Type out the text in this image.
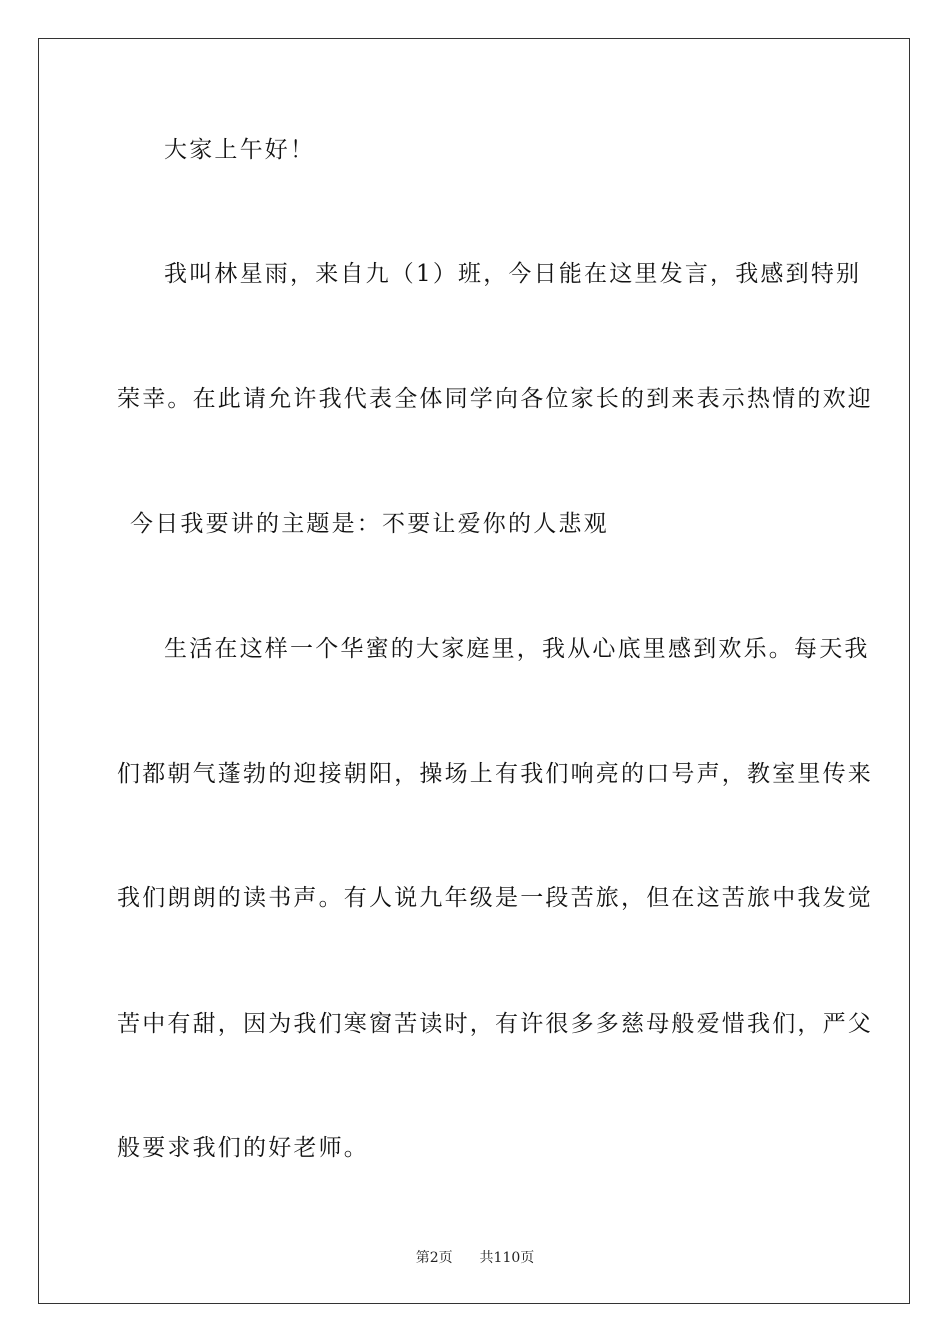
大家上午好！
我叫林星雨，来自九（1）班，今日能在这里发言，我感到特别
荣幸。在此请允许我代表全体同学向各位家长的到来表示热情的欢迎
今日我要讲的主题是：不要让爱你的人悲观
生活在这样一个华蜜的大家庭里，我从心底里感到欢乐。每天我
们都朝气蓬勃的迎接朝阳，操场上有我们响亮的口号声，教室里传来
我们朗朗的读书声。有人说九年级是一段苦旅，但在这苦旅中我发觉
苦中有甜，因为我们寒窗苦读时，有许很多多慈母般爱惜我们，严父
般要求我们的好老师。
第2页 共110页
